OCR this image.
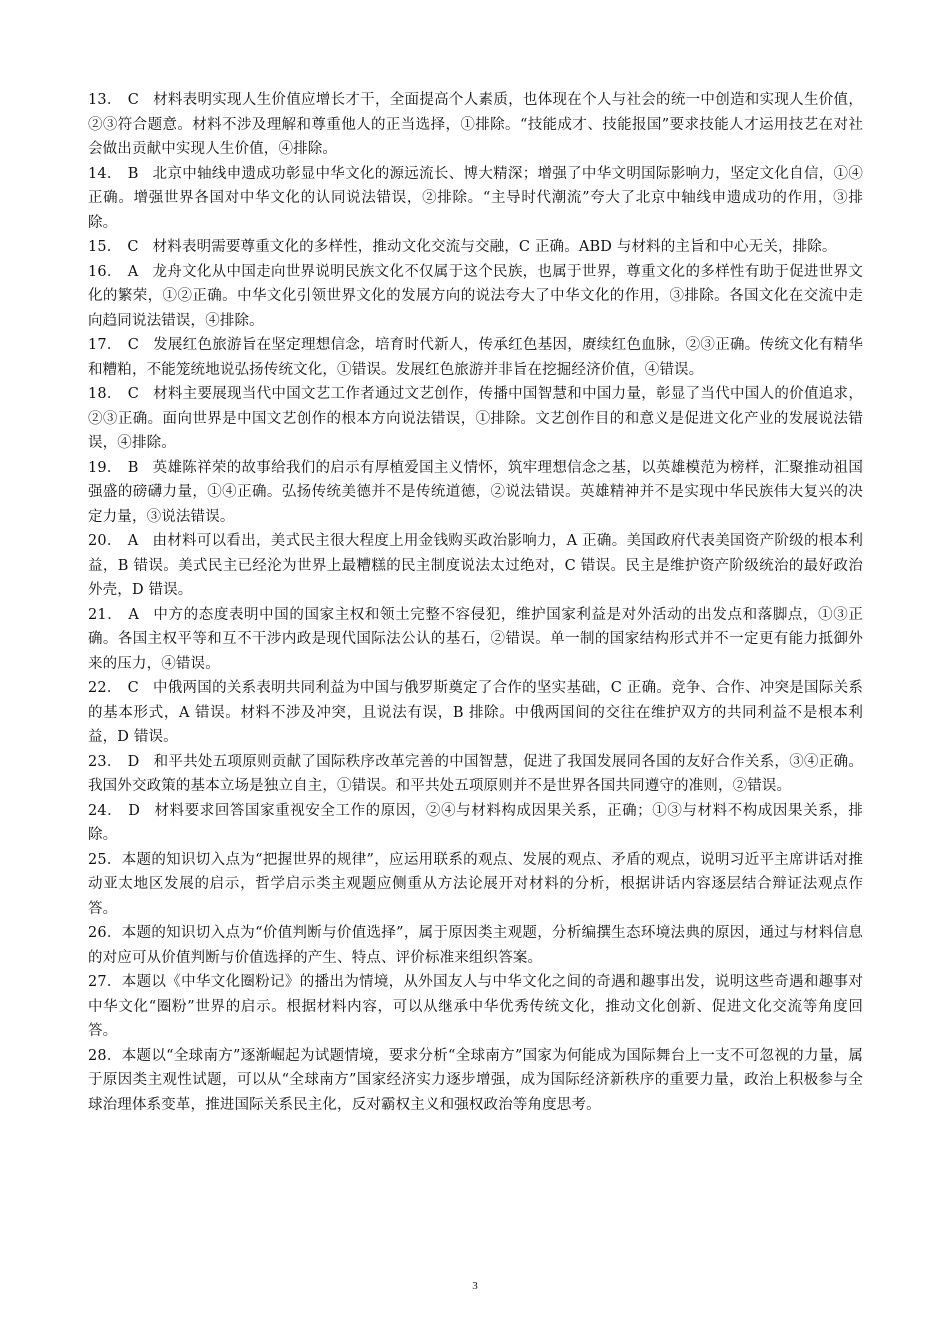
13． C 材料表明实现人生价值应增长才干，全面提高个人素质，也体现在个人与社会的统一中创造和实现人生价值，②③符合题意。材料不涉及理解和尊重他人的正当选择，①排除。“技能成才、技能报国”要求技能人才运用技艺在对社会做出贡献中实现人生价值，④排除。

14． B 北京中轴线申遗成功彰显中华文化的源远流长、博大精深；增强了中华文明国际影响力，坚定文化自信，①④正确。增强世界各国对中华文化的认同说法错误，②排除。“主导时代潮流”夸大了北京中轴线申遗成功的作用，③排除。

15． C 材料表明需要尊重文化的多样性，推动文化交流与交融，C 正确。ABD 与材料的主旨和中心无关，排除。

16． A 龙舟文化从中国走向世界说明民族文化不仅属于这个民族，也属于世界，尊重文化的多样性有助于促进世界文化的繁荣，①②正确。中华文化引领世界文化的发展方向的说法夸大了中华文化的作用，③排除。各国文化在交流中走向趋同说法错误，④排除。

17． C 发展红色旅游旨在坚定理想信念，培育时代新人，传承红色基因，赓续红色血脉，②③正确。传统文化有精华和糟粕，不能笼统地说弘扬传统文化，①错误。发展红色旅游并非旨在挖掘经济价值，④错误。

18． C 材料主要展现当代中国文艺工作者通过文艺创作，传播中国智慧和中国力量，彰显了当代中国人的价值追求，②③正确。面向世界是中国文艺创作的根本方向说法错误，①排除。文艺创作目的和意义是促进文化产业的发展说法错误，④排除。

19． B 英雄陈祥荣的故事给我们的启示有厚植爱国主义情怀，筑牢理想信念之基，以英雄模范为榜样，汇聚推动祖国强盛的磅礴力量，①④正确。弘扬传统美德并不是传统道德，②说法错误。英雄精神并不是实现中华民族伟大复兴的决定力量，③说法错误。

20． A 由材料可以看出，美式民主很大程度上用金钱购买政治影响力，A 正确。美国政府代表美国资产阶级的根本利益，B 错误。美式民主已经沦为世界上最糟糕的民主制度说法太过绝对，C 错误。民主是维护资产阶级统治的最好政治外壳，D 错误。

21． A 中方的态度表明中国的国家主权和领土完整不容侵犯，维护国家利益是对外活动的出发点和落脚点，①③正确。各国主权平等和互不干涉内政是现代国际法公认的基石，②错误。单一制的国家结构形式并不一定更有能力抵御外来的压力，④错误。

22． C 中俄两国的关系表明共同利益为中国与俄罗斯奠定了合作的坚实基础，C 正确。竞争、合作、冲突是国际关系的基本形式，A 错误。材料不涉及冲突，且说法有误，B 排除。中俄两国间的交往在维护双方的共同利益不是根本利益，D 错误。

23． D 和平共处五项原则贡献了国际秩序改革完善的中国智慧，促进了我国发展同各国的友好合作关系，③④正确。我国外交政策的基本立场是独立自主，①错误。和平共处五项原则并不是世界各国共同遵守的准则，②错误。

24． D 材料要求回答国家重视安全工作的原因，②④与材料构成因果关系，正确；①③与材料不构成因果关系，排除。

25．本题的知识切入点为“把握世界的规律”，应运用联系的观点、发展的观点、矛盾的观点，说明习近平主席讲话对推动亚太地区发展的启示，哲学启示类主观题应侧重从方法论展开对材料的分析，根据讲话内容逐层结合辩证法观点作答。

26．本题的知识切入点为“价值判断与价值选择”，属于原因类主观题，分析编撰生态环境法典的原因，通过与材料信息的对应可从价值判断与价值选择的产生、特点、评价标准来组织答案。

27．本题以《中华文化圈粉记》的播出为情境，从外国友人与中华文化之间的奇遇和趣事出发，说明这些奇遇和趣事对中华文化“圈粉”世界的启示。根据材料内容，可以从继承中华优秀传统文化，推动文化创新、促进文化交流等角度回答。

28．本题以“全球南方”逐渐崛起为试题情境，要求分析“全球南方”国家为何能成为国际舞台上一支不可忽视的力量，属于原因类主观性试题，可以从“全球南方”国家经济实力逐步增强，成为国际经济新秩序的重要力量，政治上积极参与全球治理体系变革，推进国际关系民主化，反对霸权主义和强权政治等角度思考。

3
